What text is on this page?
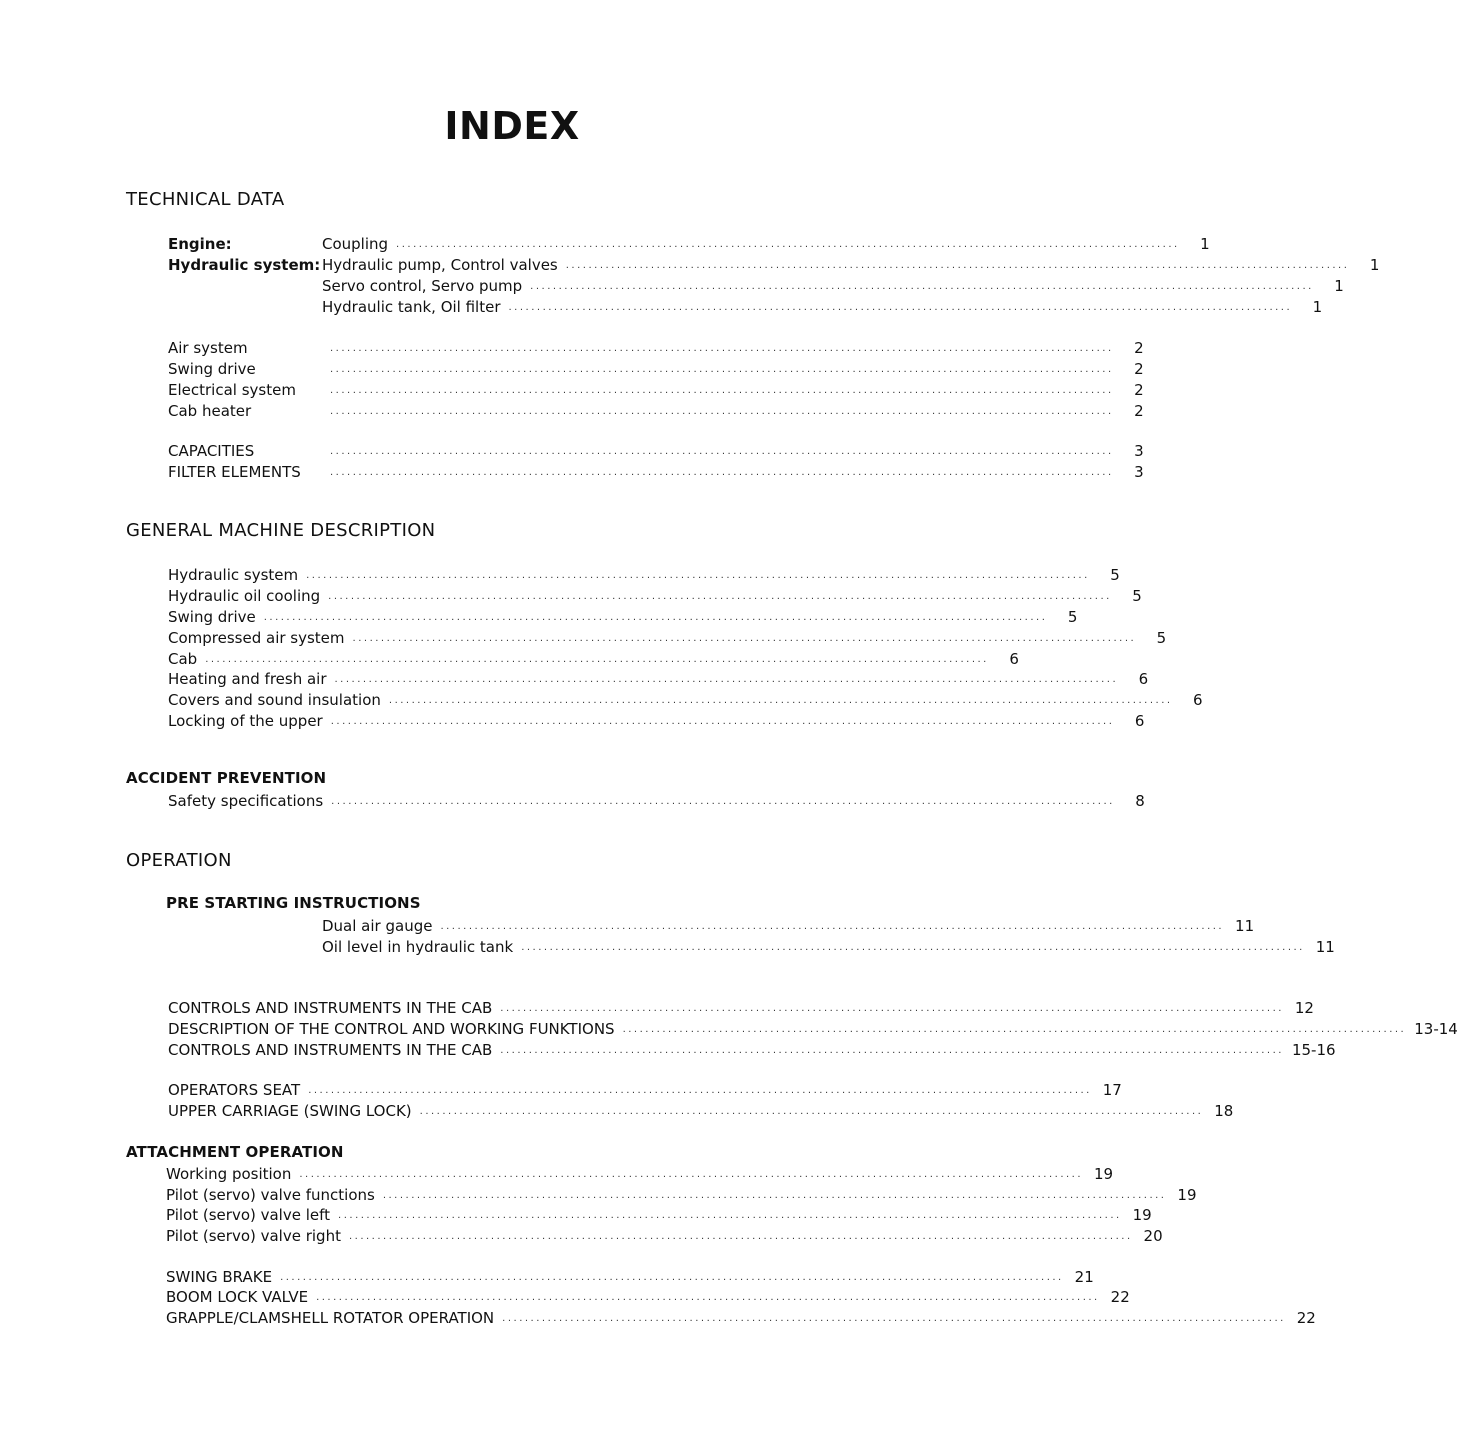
INDEX
TECHNICAL DATA
Engine:	Coupling ..........................................................................................................................................	1
Hydraulic system: Hydraulic pump, Control valves ..........................................................................................................................................	1
Servo control, Servo pump ..........................................................................................................................................	1
Hydraulic tank, Oil filter ..........................................................................................................................................	1
Air system	..........................................................................................................................................	2
Swing drive	..........................................................................................................................................	2
Electrical system	..........................................................................................................................................	2
Cab heater	..........................................................................................................................................	2
CAPACITIES	..........................................................................................................................................	3
FILTER ELEMENTS	..........................................................................................................................................	3
GENERAL MACHINE DESCRIPTION
Hydraulic system ..........................................................................................................................................	5
Hydraulic oil cooling ..........................................................................................................................................	5
Swing drive ..........................................................................................................................................	5
Compressed air system ..........................................................................................................................................	5
Cab ..........................................................................................................................................	6
Heating and fresh air ..........................................................................................................................................	6
Covers and sound insulation ..........................................................................................................................................	6
Locking of the upper ..........................................................................................................................................	6
ACCIDENT PREVENTION
Safety specifications ..........................................................................................................................................	8
OPERATION
PRE STARTING INSTRUCTIONS
Dual air gauge .......................................................................................................................................... 11
Oil level in hydraulic tank .......................................................................................................................................... 11
CONTROLS AND INSTRUMENTS IN THE CAB .......................................................................................................................................... 12
DESCRIPTION OF THE CONTROL AND WORKING FUNKTIONS .......................................................................................................................................... 13-14
CONTROLS AND INSTRUMENTS IN THE CAB .......................................................................................................................................... 15-16
OPERATORS SEAT .......................................................................................................................................... 17
UPPER CARRIAGE (SWING LOCK) .......................................................................................................................................... 18
ATTACHMENT OPERATION
Working position .......................................................................................................................................... 19
Pilot (servo) valve functions .......................................................................................................................................... 19
Pilot (servo) valve left .......................................................................................................................................... 19
Pilot (servo) valve right .......................................................................................................................................... 20
SWING BRAKE .......................................................................................................................................... 21
BOOM LOCK VALVE .......................................................................................................................................... 22
GRAPPLE/CLAMSHELL ROTATOR OPERATION .......................................................................................................................................... 22
